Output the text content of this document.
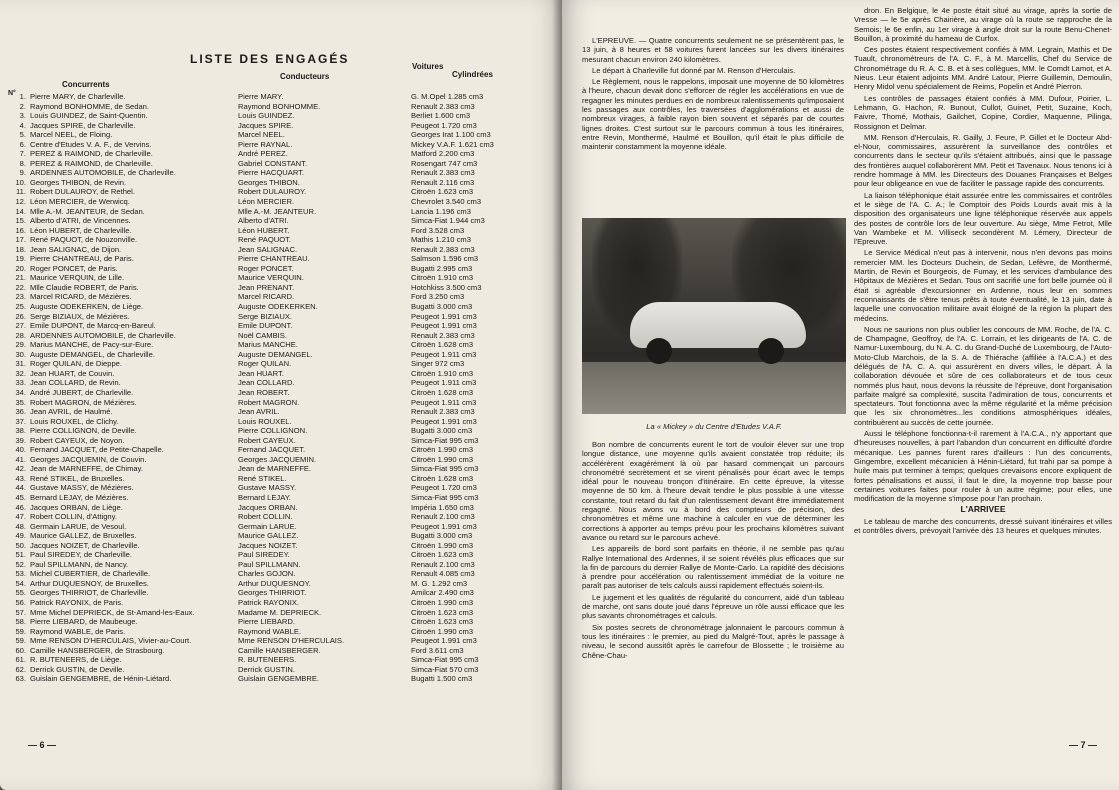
LISTE DES ENGAGÉS
N°
Concurrents
Conducteurs
Voitures
Cylindrées
1. Pierre MARY, de Charleville.	Pierre MARY.	G. M.Opel 1.285 cm3
2. Raymond BONHOMME, de Sedan.	Raymond BONHOMME.	Renault 2.383 cm3
3. Louis GUINDEZ, de Saint-Quentin.	Louis GUINDEZ.	Berliet 1.600 cm3
4. Jacques SPIRE, de Charleville.	Jacques SPIRE.	Peugeot 1.720 cm3
5. Marcel NEEL, de Floing.	Marcel NEEL.	Georges Irat 1.100 cm3
6. Centre d'Etudes V. A. F., de Vervins.	Pierre RAYNAL.	Mickey V.A.F. 1.621 cm3
7. PEREZ & RAIMOND, de Charleville.	André PEREZ.	Matford 2.200 cm3
8. PEREZ & RAIMOND, de Charleville.	Gabriel CONSTANT.	Rosengart 747 cm3
9. ARDENNES AUTOMOBILE, de Charleville.	Pierre HACQUART.	Renault 2.383 cm3
10. Georges THIBON, de Revin.	Georges THIBON.	Renault 2.116 cm3
11. Robert DULAUROY, de Rethel.	Robert DULAUROY.	Citroën 1.623 cm3
12. Léon MERCIER, de Werwicq.	Léon MERCIER.	Chevrolet 3.540 cm3
14. Mlle A.-M. JEANTEUR, de Sedan.	Mlle A.-M. JEANTEUR.	Lancia 1.196 cm3
15. Alberto d'ATRI, de Vincennes.	Alberto d'ATRI.	Simca-Fiat 1.944 cm3
16. Léon HUBERT, de Charleville.	Léon HUBERT.	Ford 3.528 cm3
17. René PAQUOT, de Nouzonville.	René PAQUOT.	Mathis 1.210 cm3
18. Jean SALIGNAC, de Dijon.	Jean SALIGNAC.	Renault 2.383 cm3
19. Pierre CHANTREAU, de Paris.	Pierre CHANTREAU.	Salmson 1.596 cm3
20. Roger PONCET, de Paris.	Roger PONCET.	Bugatti 2.995 cm3
21. Maurice VERQUIN, de Lille.	Maurice VERQUIN.	Citroën 1.910 cm3
22. Mlle Claudie ROBERT, de Paris.	Jean PRENANT.	Hotchkiss 3.500 cm3
23. Marcel RICARD, de Mézières.	Marcel RICARD.	Ford 3.250 cm3
25. Auguste ODEKERKEN, de Liège.	Auguste ODEKERKEN.	Bugatti 3.000 cm3
26. Serge BIZIAUX, de Mézières.	Serge BIZIAUX.	Peugeot 1.991 cm3
27. Emile DUPONT, de Marcq-en-Bareul.	Emile DUPONT.	Peugeot 1.991 cm3
28. ARDENNES AUTOMOBILE, de Charleville.	Noël CAMBIS.	Renault 2.383 cm3
29. Marius MANCHE, de Pacy-sur-Eure.	Marius MANCHE.	Citroën 1.628 cm3
30. Auguste DEMANGEL, de Charleville.	Auguste DEMANGEL.	Peugeot 1.911 cm3
31. Roger QUILAN, de Dieppe.	Roger QUILAN.	Singer 972 cm3
32. Jean HUART, de Couvin.	Jean HUART.	Citroën 1.910 cm3
33. Jean COLLARD, de Revin.	Jean COLLARD.	Peugeot 1.911 cm3
34. André JUBERT, de Charleville.	Jean ROBERT.	Citroën 1.628 cm3
35. Robert MAGRON, de Mézières.	Robert MAGRON.	Peugeot 1.911 cm3
36. Jean AVRIL, de Haulmé.	Jean AVRIL.	Renault 2.383 cm3
37. Louis ROUXEL, de Clichy.	Louis ROUXEL.	Peugeot 1.991 cm3
38. Pierre COLLIGNON, de Deville.	Pierre COLLIGNON.	Bugatti 3.000 cm3
39. Robert CAYEUX, de Noyon.	Robert CAYEUX.	Simca-Fiat 995 cm3
40. Fernand JACQUET, de Petite-Chapelle.	Fernand JACQUET.	Citroën 1.990 cm3
41. Georges JACQUEMIN, de Couvin.	Georges JACQUEMIN.	Citroën 1.990 cm3
42. Jean de MARNEFFE, de Chimay.	Jean de MARNEFFE.	Simca-Fiat 995 cm3
43. René STIKEL, de Bruxelles.	René STIKEL.	Citroën 1.628 cm3
44. Gustave MASSY, de Mézières.	Gustave MASSY.	Peugeot 1.720 cm3
45. Bernard LEJAY, de Mézières.	Bernard LEJAY.	Simca-Fiat 995 cm3
46. Jacques ORBAN, de Liège.	Jacques ORBAN.	Impéria 1.650 cm3
47. Robert COLLIN, d'Attigny.	Robert COLLIN.	Renault 2.100 cm3
48. Germain LARUE, de Vesoul.	Germain LARUE.	Peugeot 1.991 cm3
49. Maurice GALLEZ, de Bruxelles.	Maurice GALLEZ.	Bugatti 3.000 cm3
50. Jacques NOIZET, de Charleville.	Jacques NOIZET.	Citroën 1.990 cm3
51. Paul SIREDEY, de Charleville.	Paul SIREDEY.	Citroën 1.623 cm3
52. Paul SPILLMANN, de Nancy.	Paul SPILLMANN.	Renault 2.100 cm3
53. Michel CUBERTIER, de Charleville.	Charles GOJON.	Renault 4.085 cm3
54. Arthur DUQUESNOY, de Bruxelles.	Arthur DUQUESNOY.	M. G. 1.292 cm3
55. Georges THIRRIOT, de Charleville.	Georges THIRRIOT.	Amilcar 2.490 cm3
56. Patrick RAYONIX, de Paris.	Patrick RAYONIX.	Citroën 1.990 cm3
57. Mme Michel DEPRIECK, de St-Amand-les-Eaux.	Madame M. DEPRIECK.	Citroën 1.623 cm3
58. Pierre LIEBARD, de Maubeuge.	Pierre LIEBARD.	Citroën 1.623 cm3
59. Raymond WABLE, de Paris.	Raymond WABLE.	Citroën 1.990 cm3
59. Mme RENSON D'HERCULAIS, Vivier-au-Court.	Mme RENSON D'HERCULAIS.	Peugeot 1.991 cm3
60. Camille HANSBERGER, de Strasbourg.	Camille HANSBERGER.	Ford 3.611 cm3
61. R. BUTENEERS, de Liège.	R. BUTENEERS.	Simca-Fiat 995 cm3
62. Derrick GUSTIN, de Deville.	Derrick GUSTIN.	Simca-Fiat 570 cm3
63. Guislain GENGEMBRE, de Hénin-Liétard.	Guislain GENGEMBRE.	Bugatti 1.500 cm3
— 6 —

L'EPREUVE. — Quatre concurrents seulement ne se présentèrent pas, le 13 juin, à 8 heures et 58 voitures furent lancées sur les divers itinéraires mesurant chacun environ 240 kilomètres.

Le départ à Charleville fut donné par M. Renson d'Herculais.

Le Règlement, nous le rappelons, imposait une moyenne de 50 kilomètres à l'heure, chacun devait donc s'efforcer de régler les accélérations en vue de regagner les minutes perdues en de nombreux ralentissements qu'imposaient les passages aux contrôles, les traversées d'agglomérations et aussi de nombreux virages, à faible rayon bien souvent et séparés par de courtes lignes droites. C'est surtout sur le parcours commun à tous les itinéraires, entre Revin, Monthermé, Haulmé et Bouillon, qu'il était le plus difficile de maintenir constamment la moyenne idéale.

La « Mickey » du Centre d'Etudes V.A.F.

Bon nombre de concurrents eurent le tort de vouloir élever sur une trop longue distance, une moyenne qu'ils avaient constatée trop réduite; ils accélérèrent exagérément là où par hasard commençait un parcours chronométré secrètement et se virent pénalisés pour écart avec le temps idéal pour le nouveau tronçon d'itinéraire. En cette épreuve, la vitesse moyenne de 50 km. à l'heure devait tendre le plus possible à une vitesse constante, tout retard du fait d'un ralentissement devant être immédiatement regagné. Nous avons vu à bord des compteurs de précision, des chronomètres et même une machine à calculer en vue de déterminer les corrections à apporter au temps prévu pour les prochains kilomètres suivant avance ou retard sur le parcours achevé.

Les appareils de bord sont parfaits en théorie, il ne semble pas qu'au Rallye International des Ardennes, il se soient révélés plus efficaces que sur la fin de parcours du dernier Rallye de Monte-Carlo. La rapidité des décisions à prendre pour accélération ou ralentissement immédiat de la voiture ne paraît pas autoriser de tels calculs aussi rapidement effectués soient-ils.

Le jugement et les qualités de régularité du concurrent, aidé d'un tableau de marche, ont sans doute joué dans l'épreuve un rôle aussi efficace que les plus savants chronométrages et calculs.

Six postes secrets de chronométrage jalonnaient le parcours commun à tous les itinéraires : le premier, au pied du Malgré-Tout, après le passage à niveau, le second aussitôt après le carrefour de Blossette ; le troisième au Chêne-Chau-

dron. En Belgique, le 4e poste était situé au virage, après la sortie de Vresse — le 5e après Chairière, au virage où la route se rapproche de la Semois; le 6e enfin, au 1er virage à angle droit sur la route Benu-Chenet-Bouillon, à proximité du hameau de Curfox.

Ces postes étaient respectivement confiés à MM. Legrain, Mathis et De Tuault, chronométreurs de l'A. C. F., à M. Marcellis, Chef du Service de Chronométrage du R. A. C. B. et à ses collègues, MM. le Comdt Lamot, et A. Nieus. Leur étaient adjoints MM. André Latour, Pierre Guillemin, Demoulin, Henry Midol venu spécialement de Reims, Popelin et André Pierron.

Les contrôles de passages étaient confiés à MM. Dufour, Poirier, L. Lehmann, G. Hachon, R. Bunout, Cullot, Guinet, Petit, Suzaine, Koch, Faivre, Thomé, Mothais, Gailchet, Copine, Cordier, Maquenne, Pilinga, Rossignon et Delmar.

MM. Renson d'Herculais, R. Gailly, J. Feure, P. Gillet et le Docteur Abd-el-Nour, commissaires, assurèrent la surveillance des contrôles et concurrents dans le secteur qu'ils s'étaient attribués, ainsi que le passage des frontières auquel collaborèrent MM. Petit et Tavenaux. Nous tenons ici à rendre hommage à MM. les Directeurs des Douanes Françaises et Belges pour leur obligeance en vue de faciliter le passage rapide des concurrents.

La liaison téléphonique était assurée entre les commissaires et contrôles et le siège de l'A. C. A.; le Comptoir des Poids Lourds avait mis à la disposition des organisateurs une ligne téléphonique réservée aux appels des postes de contrôle lors de leur ouverture. Au siège, Mme Fetrot, Mlle Van Wambeke et M. Villiseck secondèrent M. Lémery, Directeur de l'Epreuve.

Le Service Médical n'eut pas à intervenir, nous n'en devons pas moins remercier MM. les Docteurs Duchein, de Sedan, Lefèvre, de Monthermé, Martin, de Revin et Bourgeois, de Fumay, et les services d'ambulance des Hôpitaux de Mézières et Sedan. Tous ont sacrifié une fort belle journée où il était si agréable d'excursionner en Ardenne, nous leur en sommes reconnaissants de s'être tenus prêts à toute éventualité, le 13 juin, date à laquelle une convocation militaire avait éloigné de la région la plupart des médecins.

Nous ne saurions non plus oublier les concours de MM. Roche, de l'A. C. de Champagne, Geoffroy, de l'A. C. Lorrain, et les dirigeants de l'A. C. de Namur-Luxembourg, du N. A. C. du Grand-Duché de Luxembourg, de l'Auto-Moto-Club Marchois, de la S. A. de Thiérache (affiliée à l'A.C.A.) et des délégués de l'A. C. A. qui assurèrent en divers villes, le départ. À la collaboration dévouée et sûre de ces collaborateurs et de tous ceux nommés plus haut, nous devons la réussite de l'épreuve, dont l'organisation parfaite malgré sa complexité, suscita l'admiration de tous, concurrents et spectateurs. Tout fonctionna avec la même régularité et la même précision que les six chronomètres...les conditions atmosphériques idéales, contribuèrent au succès de cette journée.

Aussi le téléphone fonctionna-t-il rarement à l'A.C.A., n'y apportant que d'heureuses nouvelles, à part l'abandon d'un concurrent en difficulté d'ordre mécanique. Les pannes furent rares d'ailleurs : l'un des concurrents, Gingembre, excellent mécanicien à Hénin-Liétard, fut trahi par sa pompe à huile mais put terminer à temps; quelques crevaisons encore expliquent de fortes pénalisations et aussi, il faut le dire, la moyenne trop basse pour certaines voitures faites pour rouler à un autre régime; pour elles, une modification de la moyenne s'impose pour l'an prochain.

L'ARRIVEE

Le tableau de marche des concurrents, dressé suivant itinéraires et villes et contrôles divers, prévoyait l'arrivée dès 13 heures et quelques minutes.

— 7 —
